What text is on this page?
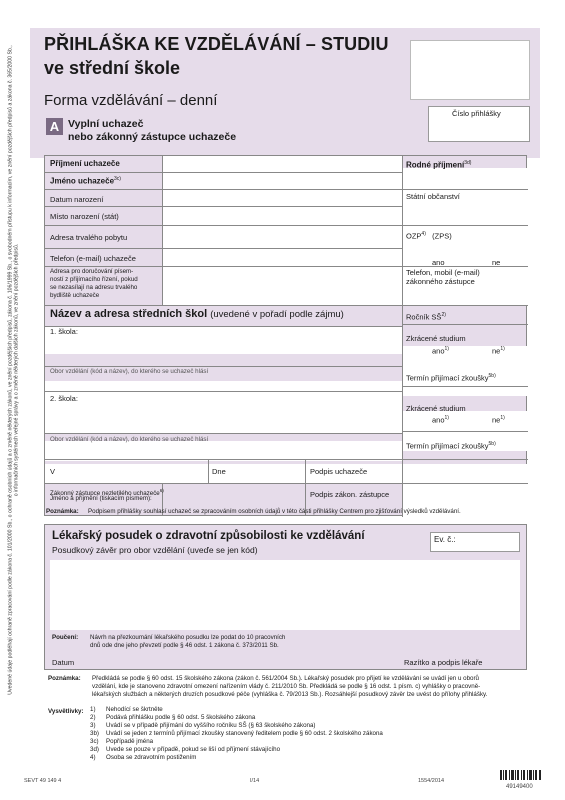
Uvedené údaje podléhají ochraně zpracování podle zákona č. 101/2000 Sb., o ochraně osobních údajů a o změně některých zákonů, ve znění pozdějších předpisů, zákona č. 106/1999 Sb., o svobodném přístupu k informacím, ve znění pozdějších předpisů a zákona č. 365/2000 Sb., o informačních systémech veřejné správy a o změně některých dalších zákonů, ve znění pozdějších předpisů.
PŘIHLÁŠKA KE VZDĚLÁVÁNÍ – STUDIU
ve střední škole
Forma vzdělávání – denní
Číslo přihlášky
A Vyplní uchazeč
nebo zákonný zástupce uchazeče
Příjmení uchazeče
Jméno uchazeče$^{3c)}$
Datum narození
Místo narození (stát)
Adresa trvalého pobytu
Telefon (e-mail) uchazeče
Adresa pro doručování písem-
ností z přijímacího řízení, pokud
se nezasílají na adresu trvalého
bydliště uchazeče
Rodné příjmení$^{3d)}$
Státní občanství
OZP$^{4)}$ (ZPS)
ano	ne
Telefon, mobil (e-mail)
zákonného zástupce
Název a adresa středních škol (uvedené v pořadí podle zájmu)	Ročník SŠ$^{2)}$
1. škola:
Obor vzdělání (kód a název), do kterého se uchazeč hlásí
2. škola:
Obor vzdělání (kód a název), do kterého se uchazeč hlásí
Zkrácené studium
ano$^{1)}$	$ne^{1)}$
Termín přijímací zkoušky$^{5b)}$
Zkrácené studium
ano$^{1)}$	$ne^{1)}$
Termín přijímací zkoušky$^{5b)}$
V	Dne	Podpis uchazeče
Zákonný zástupce nezletilého uchazeče$^{6)}$
Jméno a příjmení (tiskacím písmem):	Podpis zákon. zástupce
Poznámka: Podpisem přihlášky souhlasí uchazeč se zpracováním osobních údajů v této části přihlášky Centrem pro zjišťování výsledků vzdělávání.
Lékařský posudek o zdravotní způsobilosti ke vzdělávání
Posudkový závěr pro obor vzdělání (uveďe se jen kód)
Ev. č.:
Poučení: Návrh na přezkoumání lékařského posudku lze podat do 10 pracovních
dnů ode dne jeho převzetí podle § 46 odst. 1 zákona č. 373/2011 Sb.
Datum	Razítko a podpis lékaře
Poznámka: Předkládá se podle § 60 odst. 15 školského zákona (zákon č. 561/2004 Sb.). Lékařský posudek pro přijetí ke vzdělávání se uvádí jen u oborů
vzdělání, kde je stanoveno zdravotní omezení nařízením vlády č. 211/2010 Sb. Předkládá se podle § 16 odst. 1 písm. c) vyhlášky o pracovně-
lékařských službách a některých druzích posudkové péče (vyhláška č. 79/2013 Sb.). Rozsáhlejší posudkový závěr lze uvést do přílohy přihlášky.
Vysvětlivky: 1) Nehodící se škrtněte
2) Podává přihlášku podle § 60 odst. 5 školského zákona
3) Uvádí se v případě přijímání do vyššího ročníku SŠ (§ 63 školského zákona)
3b) Uvádí se jeden z termínů přijímací zkoušky stanovený ředitelem podle § 60 odst. 2 školského zákona
3c) Popřípadě jména
3d) Uvede se pouze v případě, pokud se liší od příjmení stávajícího
4) Osoba se zdravotním postižením
SEVT 49 149 4	I/14	1554/2014
49149400
